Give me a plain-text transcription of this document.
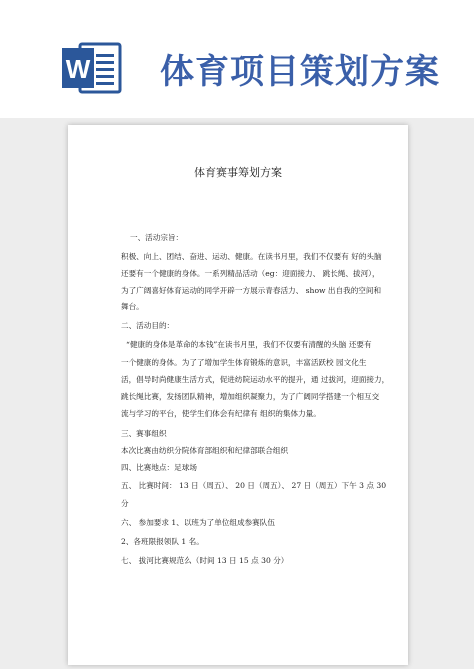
W 体育项目策划方案
体育赛事筹划方案
一、活动宗旨：
积极、向上、团结、奋进、运动、健康。在读书月里，我们不仅要有 好的头脑
还要有一个健康的身体。一系列精品活动（eg：迎面接力、 跳长绳、拔河），
为了广阔喜好体育运动的同学开辟一方展示青春活力、 show 出自我的空间和
舞台。
二、活动目的：
“健康的身体是革命的本钱”在读书月里，我们不仅要有清醒的头脑 还要有
一个健康的身体。为了了增加学生体育锻炼的意识，丰富活跃校 园文化生
活，倡导时尚健康生活方式，促进纺院运动水平的提升，通 过拔河，迎面接力，
跳长绳比赛，发扬团队精神，增加组织凝聚力，为了广阔同学搭建一个相互交
流与学习的平台，使学生们体会有纪律有 组织的集体力量。
三、赛事组织
本次比赛由纺织分院体育部组织和纪律部联合组织
四、比赛地点：足球场
五、 比赛时间： 13 日（周五）、 20 日（周五）、 27 日（周五）下午 3 点 30
分
六、 参加要求 1、以班为了单位组成参赛队伍
2、各班限报领队 1 名。
七、 拔河比赛规范么（时间 13 日 15 点 30 分）
